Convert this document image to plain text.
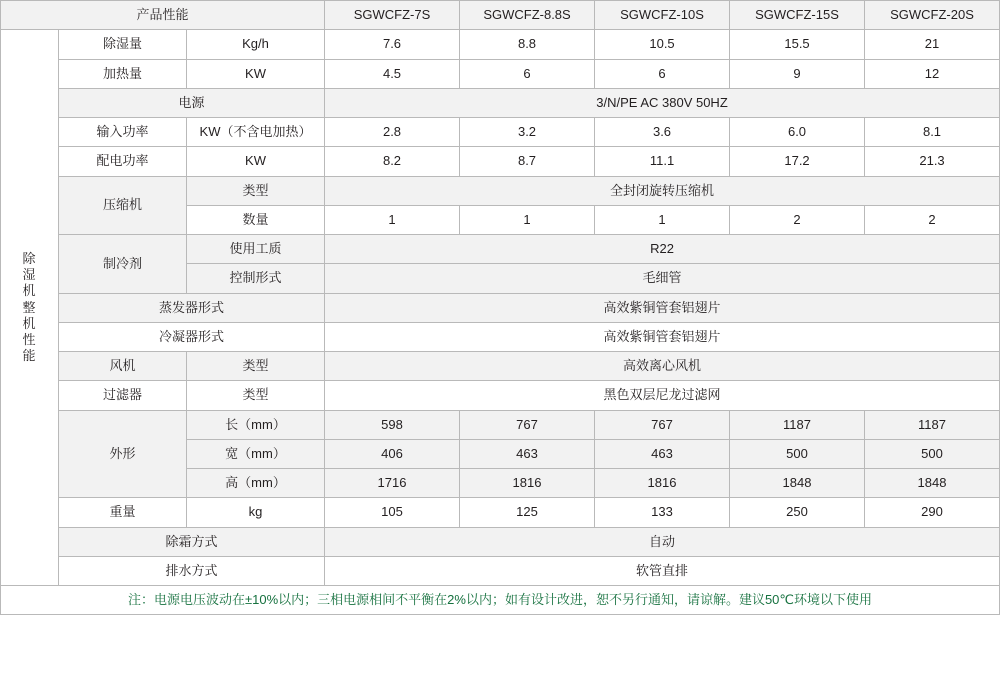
产品性能			SGWCFZ-7S	SGWCFZ-8.8S	SGWCFZ-10S	SGWCFZ-15S	SGWCFZ-20S
除
湿
机
整
机
性
能	除湿量	Kg/h	7.6	8.8	10.5	15.5	21
	加热量	KW	4.5	6	6	9	12
	电源		3/N/PE AC 380V 50HZ				
	输入功率	KW（不含电加热）	2.8	3.2	3.6	6.0	8.1
	配电功率	KW	8.2	8.7	11.1	17.2	21.3
	压缩机	类型	全封闭旋转压缩机				
		数量	1	1	1	2	2
	制冷剂	使用工质	R22				
		控制形式	毛细管				
	蒸发器形式		高效紫铜管套铝翅片				
	冷凝器形式		高效紫铜管套铝翅片				
	风机	类型	高效离心风机				
	过滤器	类型	黑色双层尼龙过滤网				
	外形	长（mm）	598	767	767	1187	1187
		宽（mm）	406	463	463	500	500
		高（mm）	1716	1816	1816	1848	1848
	重量	kg	105	125	133	250	290
	除霜方式		自动				
	排水方式		软管直排				
注：电源电压波动在±10%以内；三相电源相间不平衡在2%以内；如有设计改进，恕不另行通知，请谅解。建议50℃环境以下使用							
